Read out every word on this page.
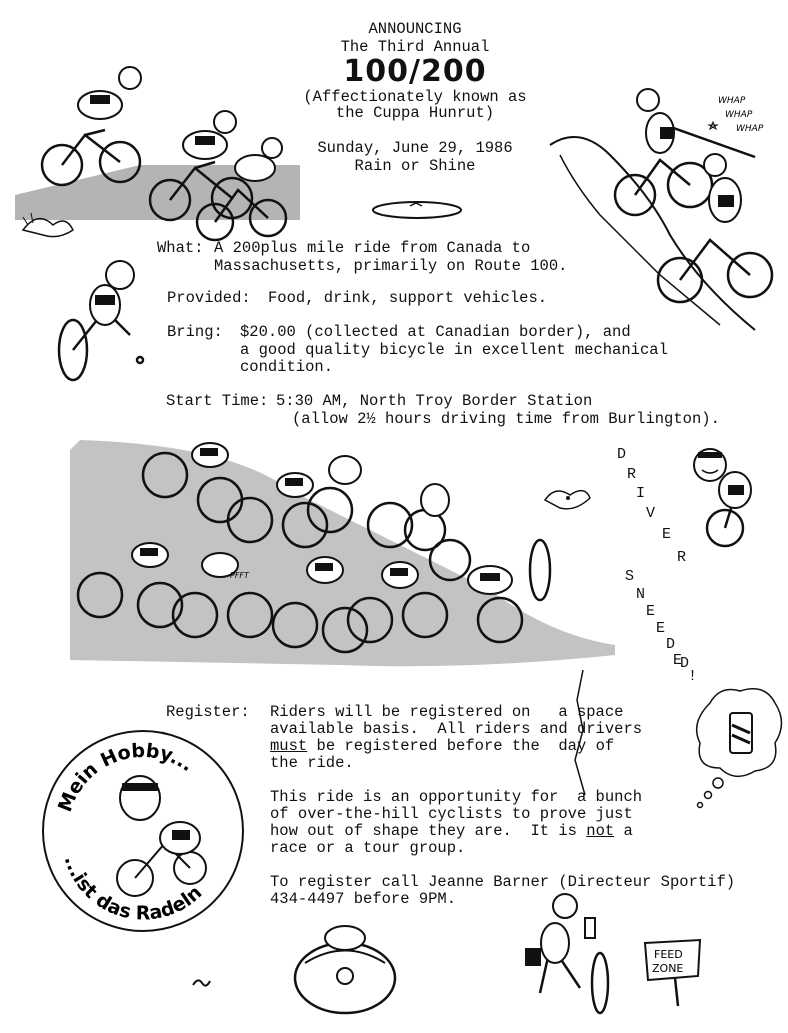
ANNOUNCING
The Third Annual
100/200
(Affectionately known as
the Cuppa Hunrut)
Sunday, June 29, 1986
Rain or Shine
What: A 200plus mile ride from Canada to
Massachusetts, primarily on Route 100.
Provided: Food, drink, support vehicles.
Bring: $20.00 (collected at Canadian border), and
a good quality bicycle in excellent mechanical
condition.
Start Time: 5:30 AM, North Troy Border Station
(allow 2½ hours driving time from Burlington).
D
R
I
V
E
R
S
N
E
E
D
E
D
!
Register: Riders will be registered on   a space
available basis.  All riders and drivers
must be registered before the  day of
the ride.
This ride is an opportunity for  a bunch
of over-the-hill cyclists to prove just
how out of shape they are.  It is not a
race or a tour group.
To register call Jeanne Barner (Directeur Sportif)
434-4497 before 9PM.
WHAP
WHAP
WHAP
PFFT
Mein Hobby...
...ist das Radeln
FEED
ZONE
